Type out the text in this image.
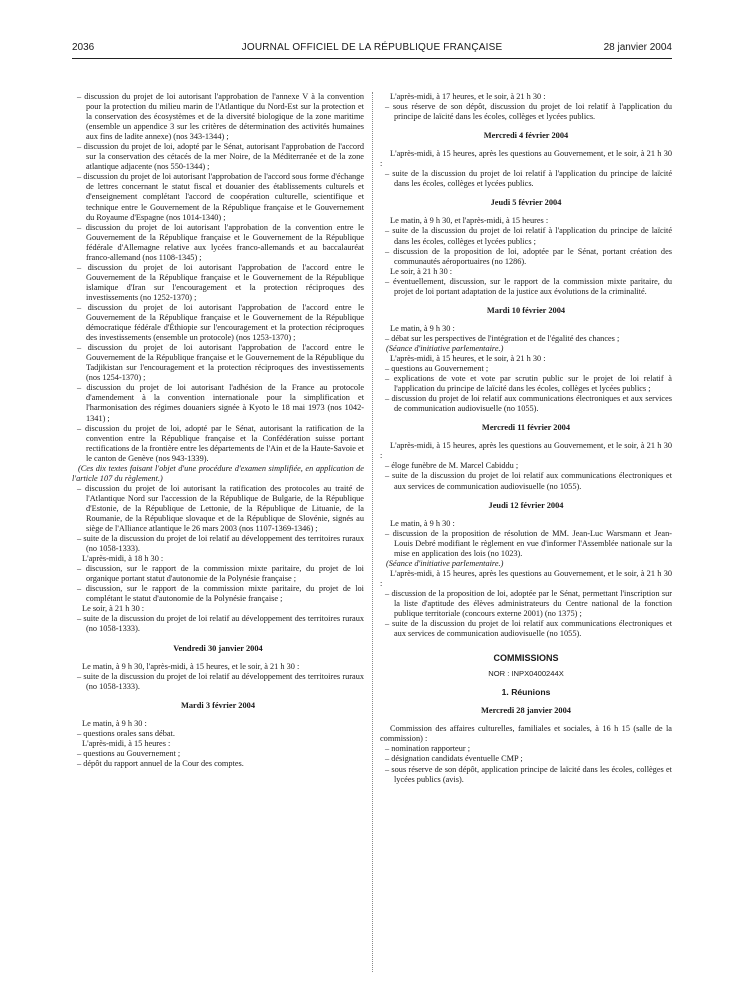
2036	JOURNAL OFFICIEL DE LA RÉPUBLIQUE FRANÇAISE	28 janvier 2004

– discussion du projet de loi autorisant l'approbation de l'annexe V à la convention pour la protection du milieu marin de l'Atlantique du Nord-Est sur la protection et la conservation des écosystèmes et de la diversité biologique de la zone maritime (ensemble un appendice 3 sur les critères de détermination des activités humaines aux fins de ladite annexe) (nos 343-1344) ;

– discussion du projet de loi, adopté par le Sénat, autorisant l'approbation de l'accord sur la conservation des cétacés de la mer Noire, de la Méditerranée et de la zone atlantique adjacente (nos 550-1344) ;

– discussion du projet de loi autorisant l'approbation de l'accord sous forme d'échange de lettres concernant le statut fiscal et douanier des établissements culturels et d'enseignement complétant l'accord de coopération culturelle, scientifique et technique entre le Gouvernement de la République française et le Gouvernement du Royaume d'Espagne (nos 1014-1340) ;

– discussion du projet de loi autorisant l'approbation de la convention entre le Gouvernement de la République française et le Gouvernement de la République fédérale d'Allemagne relative aux lycées franco-allemands et au baccalauréat franco-allemand (nos 1108-1345) ;

– discussion du projet de loi autorisant l'approbation de l'accord entre le Gouvernement de la République française et le Gouvernement de la République islamique d'Iran sur l'encouragement et la protection réciproques des investissements (no 1252-1370) ;

– discussion du projet de loi autorisant l'approbation de l'accord entre le Gouvernement de la République française et le Gouvernement de la République démocratique fédérale d'Éthiopie sur l'encouragement et la protection réciproques des investissements (ensemble un protocole) (nos 1253-1370) ;

– discussion du projet de loi autorisant l'approbation de l'accord entre le Gouvernement de la République française et le Gouvernement de la République du Tadjikistan sur l'encouragement et la protection réciproques des investissements (nos 1254-1370) ;

– discussion du projet de loi autorisant l'adhésion de la France au protocole d'amendement à la convention internationale pour la simplification et l'harmonisation des régimes douaniers signée à Kyoto le 18 mai 1973 (nos 1042-1341) ;

– discussion du projet de loi, adopté par le Sénat, autorisant la ratification de la convention entre la République française et la Confédération suisse portant rectifications de la frontière entre les départements de l'Ain et de la Haute-Savoie et le canton de Genève (nos 943-1339).

(Ces dix textes faisant l'objet d'une procédure d'examen simplifiée, en application de l'article 107 du règlement.)

– discussion du projet de loi autorisant la ratification des protocoles au traité de l'Atlantique Nord sur l'accession de la République de Bulgarie, de la République d'Estonie, de la République de Lettonie, de la République de Lituanie, de la Roumanie, de la République slovaque et de la République de Slovénie, signés au siège de l'Alliance atlantique le 26 mars 2003 (nos 1107-1369-1346) ;

– suite de la discussion du projet de loi relatif au développement des territoires ruraux (no 1058-1333).

L'après-midi, à 18 h 30 :

– discussion, sur le rapport de la commission mixte paritaire, du projet de loi organique portant statut d'autonomie de la Polynésie française ;

– discussion, sur le rapport de la commission mixte paritaire, du projet de loi complétant le statut d'autonomie de la Polynésie française ;

Le soir, à 21 h 30 :

– suite de la discussion du projet de loi relatif au développement des territoires ruraux (no 1058-1333).

Vendredi 30 janvier 2004

Le matin, à 9 h 30, l'après-midi, à 15 heures, et le soir, à 21 h 30 :

– suite de la discussion du projet de loi relatif au développement des territoires ruraux (no 1058-1333).

Mardi 3 février 2004

Le matin, à 9 h 30 :

– questions orales sans débat.

L'après-midi, à 15 heures :

– questions au Gouvernement ;

– dépôt du rapport annuel de la Cour des comptes.

L'après-midi, à 17 heures, et le soir, à 21 h 30 :

– sous réserve de son dépôt, discussion du projet de loi relatif à l'application du principe de laïcité dans les écoles, collèges et lycées publics.

Mercredi 4 février 2004

L'après-midi, à 15 heures, après les questions au Gouvernement, et le soir, à 21 h 30 :

– suite de la discussion du projet de loi relatif à l'application du principe de laïcité dans les écoles, collèges et lycées publics.

Jeudi 5 février 2004

Le matin, à 9 h 30, et l'après-midi, à 15 heures :

– suite de la discussion du projet de loi relatif à l'application du principe de laïcité dans les écoles, collèges et lycées publics ;

– discussion de la proposition de loi, adoptée par le Sénat, portant création des communautés aéroportuaires (no 1286).

Le soir, à 21 h 30 :

– éventuellement, discussion, sur le rapport de la commission mixte paritaire, du projet de loi portant adaptation de la justice aux évolutions de la criminalité.

Mardi 10 février 2004

Le matin, à 9 h 30 :

– débat sur les perspectives de l'intégration et de l'égalité des chances ;

(Séance d'initiative parlementaire.)

L'après-midi, à 15 heures, et le soir, à 21 h 30 :

– questions au Gouvernement ;

– explications de vote et vote par scrutin public sur le projet de loi relatif à l'application du principe de laïcité dans les écoles, collèges et lycées publics ;

– discussion du projet de loi relatif aux communications électroniques et aux services de communication audiovisuelle (no 1055).

Mercredi 11 février 2004

L'après-midi, à 15 heures, après les questions au Gouvernement, et le soir, à 21 h 30 :

– éloge funèbre de M. Marcel Cabiddu ;

– suite de la discussion du projet de loi relatif aux communications électroniques et aux services de communication audiovisuelle (no 1055).

Jeudi 12 février 2004

Le matin, à 9 h 30 :

– discussion de la proposition de résolution de MM. Jean-Luc Warsmann et Jean-Louis Debré modifiant le règlement en vue d'informer l'Assemblée nationale sur la mise en application des lois (no 1023).

(Séance d'initiative parlementaire.)

L'après-midi, à 15 heures, après les questions au Gouvernement, et le soir, à 21 h 30 :

– discussion de la proposition de loi, adoptée par le Sénat, permettant l'inscription sur la liste d'aptitude des élèves administrateurs du Centre national de la fonction publique territoriale (concours externe 2001) (no 1375) ;

– suite de la discussion du projet de loi relatif aux communications électroniques et aux services de communication audiovisuelle (no 1055).

COMMISSIONS

NOR : INPX0400244X

1. Réunions

Mercredi 28 janvier 2004

Commission des affaires culturelles, familiales et sociales, à 16 h 15 (salle de la commission) :

– nomination rapporteur ;

– désignation candidats éventuelle CMP ;

– sous réserve de son dépôt, application principe de laïcité dans les écoles, collèges et lycées publics (avis).
